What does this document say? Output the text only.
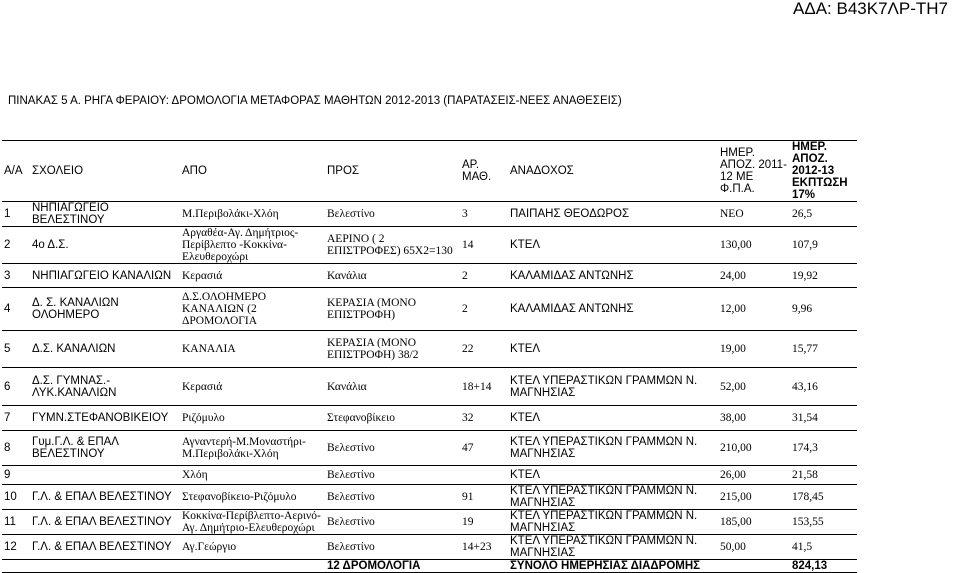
ΑΔΑ: Β43Κ7ΛΡ-ΤΗ7
ΠΙΝΑΚΑΣ 5 Α. ΡΗΓΑ ΦΕΡΑΙΟΥ: ΔΡΟΜΟΛΟΓΙΑ ΜΕΤΑΦΟΡΑΣ ΜΑΘΗΤΩΝ 2012-2013 (ΠΑΡΑΤΑΣΕΙΣ-ΝΕΕΣ ΑΝΑΘΕΣΕΙΣ)
Α/Α	ΣΧΟΛΕΙΟ	ΑΠΟ	ΠΡΟΣ	ΑΡ. ΜΑΘ.	ΑΝΑΔΟΧΟΣ	ΗΜΕΡ. ΑΠΟΖ. 2011-12 ΜΕ Φ.Π.Α.	ΗΜΕΡ. ΑΠΟΖ. 2012-13 ΕΚΠΤΩΣΗ 17%
1	ΝΗΠΙΑΓΩΓΕΙΟ ΒΕΛΕΣΤΙΝΟΥ	Μ.Περιβολάκι-Χλόη	Βελεστίνο	3	ΠΑΙΠΑΗΣ ΘΕΟΔΩΡΟΣ	ΝΕΟ	26,5
2	4ο Δ.Σ.	Αργαθέα-Αγ. Δημήτριος-Περίβλεπτο -Κοκκίνα-Ελευθεροχώρι	ΑΕΡΙΝΟ ( 2 ΕΠΙΣΤΡΟΦΕΣ) 65Χ2=130	14	ΚΤΕΛ	130,00	107,9
3	ΝΗΠΙΑΓΩΓΕΙΟ ΚΑΝΑΛΙΩΝ	Κερασιά	Κανάλια	2	ΚΑΛΑΜΙΔΑΣ ΑΝΤΩΝΗΣ	24,00	19,92
4	Δ. Σ. ΚΑΝΑΛΙΩΝ ΟΛΟΗΜΕΡΟ	Δ.Σ.ΟΛΟΗΜΕΡΟ ΚΑΝΑΛΙΩΝ (2 ΔΡΟΜΟΛΟΓΙΑ	ΚΕΡΑΣΙΑ (ΜΟΝΟ ΕΠΙΣΤΡΟΦΗ)	2	ΚΑΛΑΜΙΔΑΣ ΑΝΤΩΝΗΣ	12,00	9,96
5	Δ.Σ. ΚΑΝΑΛΙΩΝ	ΚΑΝΑΛΙΑ	ΚΕΡΑΣΙΑ (ΜΟΝΟ ΕΠΙΣΤΡΟΦΗ) 38/2	22	ΚΤΕΛ	19,00	15,77
6	Δ.Σ. ΓΥΜΝΑΣ.- ΛΥΚ.ΚΑΝΑΛΙΩΝ	Κερασιά	Κανάλια	18+14	ΚΤΕΛ ΥΠΕΡΑΣΤΙΚΩΝ ΓΡΑΜΜΩΝ Ν. ΜΑΓΝΗΣΙΑΣ	52,00	43,16
7	ΓΥΜΝ.ΣΤΕΦΑΝΟΒΙΚΕΙΟΥ	Ριζόμυλο	Στεφανοβίκειο	32	ΚΤΕΛ	38,00	31,54
8	Γυμ.Γ.Λ. & ΕΠΑΛ ΒΕΛΕΣΤΙΝΟΥ	Αγναντερή-Μ.Μοναστήρι-Μ.Περιβολάκι-Χλόη	Βελεστίνο	47	ΚΤΕΛ ΥΠΕΡΑΣΤΙΚΩΝ ΓΡΑΜΜΩΝ Ν. ΜΑΓΝΗΣΙΑΣ	210,00	174,3
9		Χλόη	Βελεστίνο		ΚΤΕΛ	26,00	21,58
10	Γ.Λ. & ΕΠΑΛ ΒΕΛΕΣΤΙΝΟΥ	Στεφανοβίκειο-Ριζόμυλο	Βελεστίνο	91	ΚΤΕΛ ΥΠΕΡΑΣΤΙΚΩΝ ΓΡΑΜΜΩΝ Ν. ΜΑΓΝΗΣΙΑΣ	215,00	178,45
11	Γ.Λ. & ΕΠΑΛ ΒΕΛΕΣΤΙΝΟΥ	Κοκκίνα-Περίβλεπτο-Αερινό-Αγ. Δημήτριο-Ελευθεροχώρι	Βελεστίνο	19	ΚΤΕΛ ΥΠΕΡΑΣΤΙΚΩΝ ΓΡΑΜΜΩΝ Ν. ΜΑΓΝΗΣΙΑΣ	185,00	153,55
12	Γ.Λ. & ΕΠΑΛ ΒΕΛΕΣΤΙΝΟΥ	Αγ.Γεώργιο	Βελεστίνο	14+23	ΚΤΕΛ ΥΠΕΡΑΣΤΙΚΩΝ ΓΡΑΜΜΩΝ Ν. ΜΑΓΝΗΣΙΑΣ	50,00	41,5
			12 ΔΡΟΜΟΛΟΓΙΑ		ΣΥΝΟΛΟ ΗΜΕΡΗΣΙΑΣ ΔΙΑΔΡΟΜΗΣ		824,13
